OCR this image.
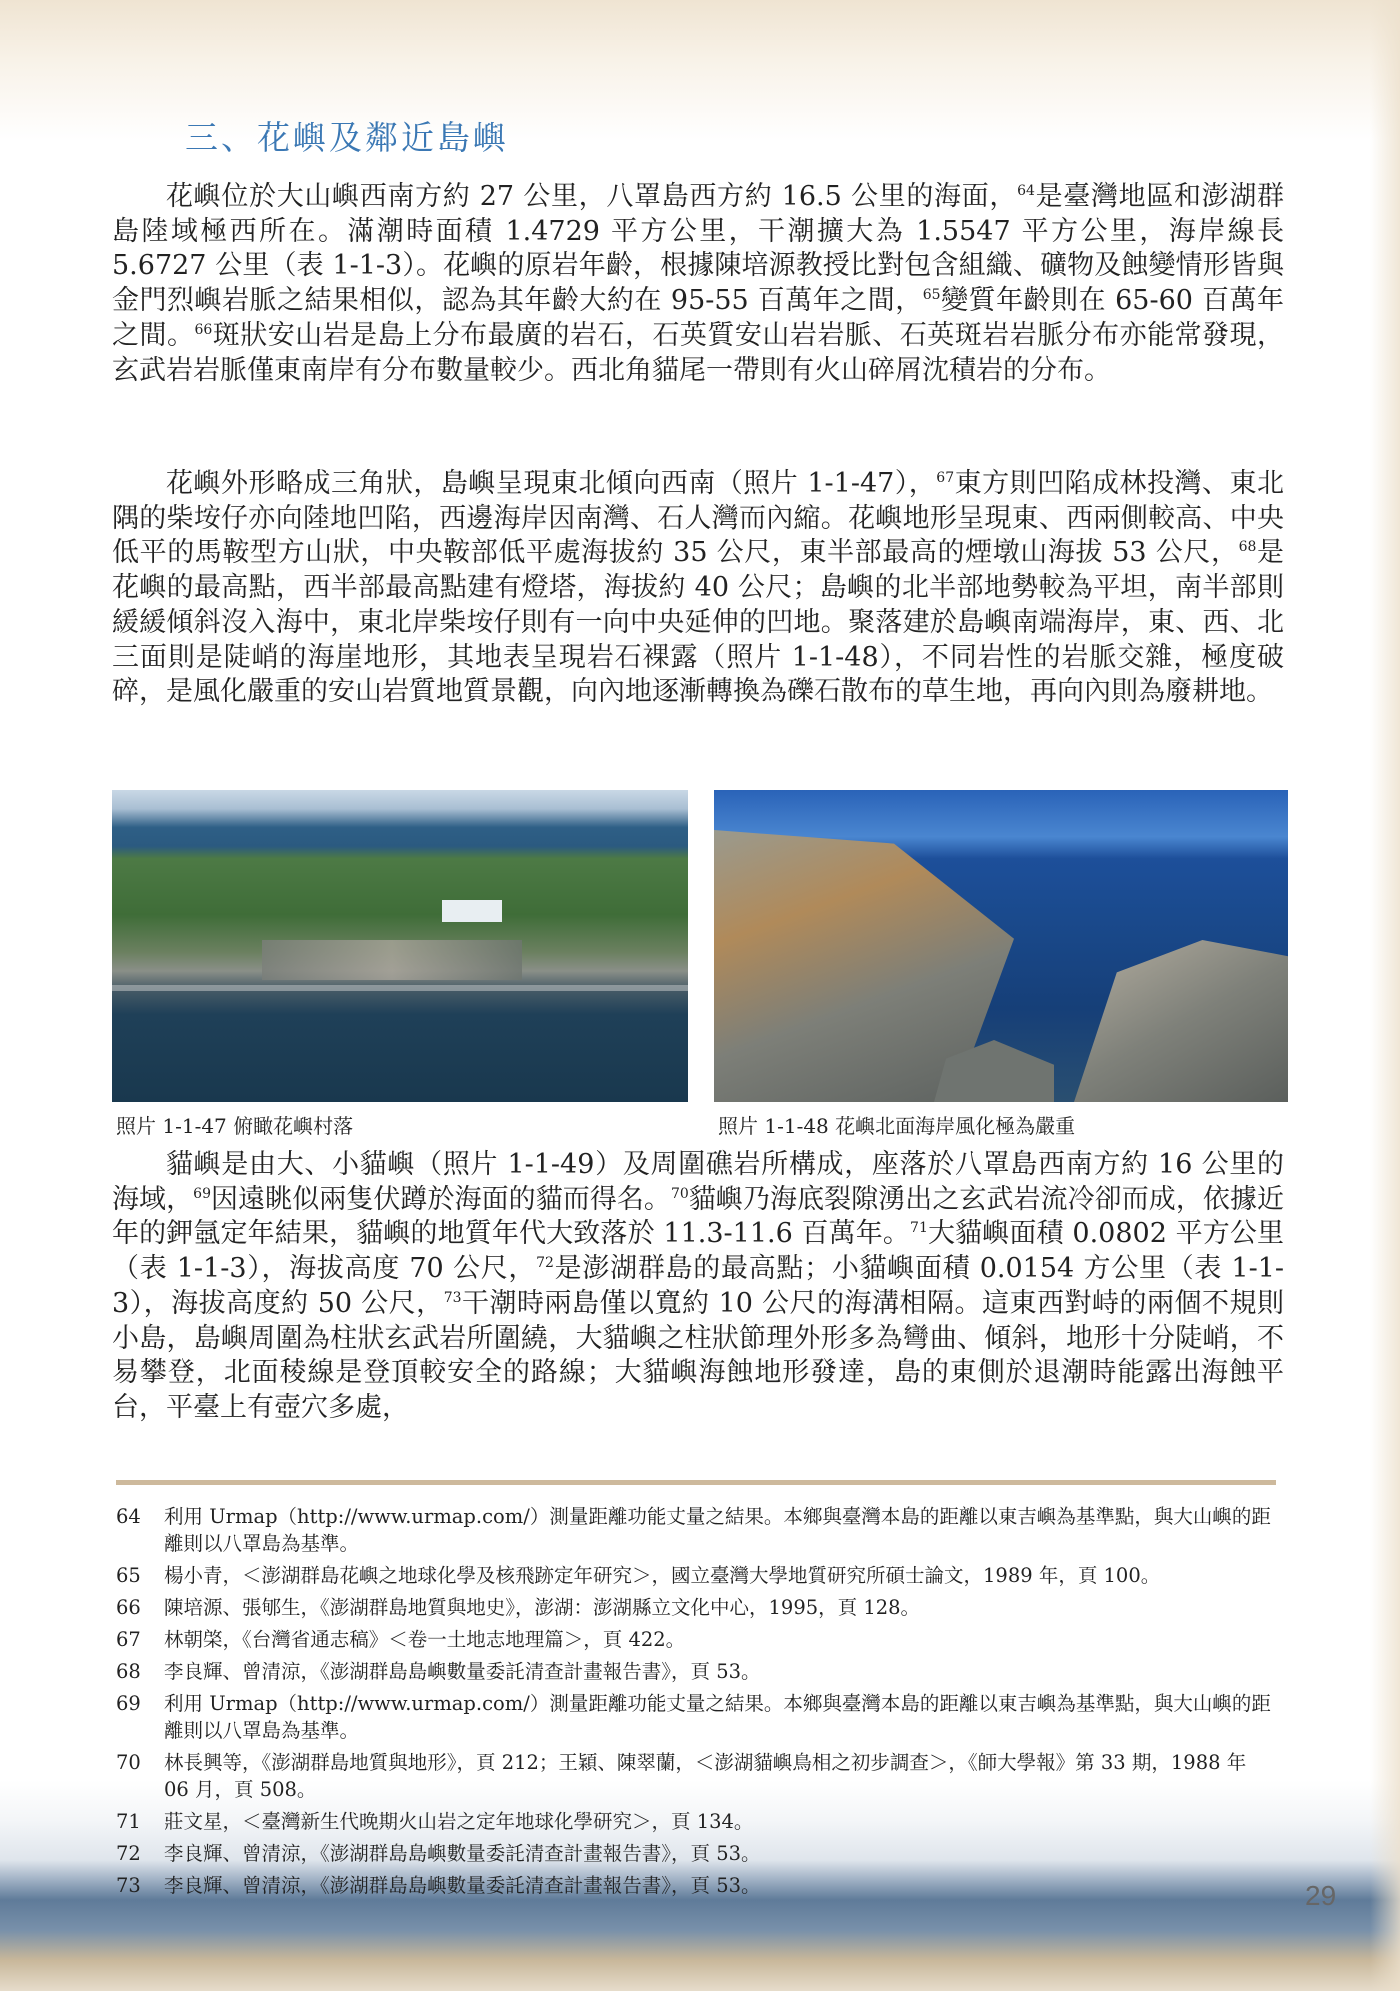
三、花嶼及鄰近島嶼
花嶼位於大山嶼西南方約 27 公里，八罩島西方約 16.5 公里的海面，$^{64}$是臺灣地區和澎湖群島陸域極西所在。滿潮時面積 1.4729 平方公里，干潮擴大為 1.5547 平方公里，海岸線長 5.6727 公里（表 1-1-3）。花嶼的原岩年齡，根據陳培源教授比對包含組織、礦物及蝕變情形皆與金門烈嶼岩脈之結果相似，認為其年齡大約在 95-55 百萬年之間，$^{65}$變質年齡則在 65-60 百萬年之間。$^{66}$斑狀安山岩是島上分布最廣的岩石，石英質安山岩岩脈、石英斑岩岩脈分布亦能常發現，玄武岩岩脈僅東南岸有分布數量較少。西北角貓尾一帶則有火山碎屑沈積岩的分布。
花嶼外形略成三角狀，島嶼呈現東北傾向西南（照片 1-1-47），$^{67}$東方則凹陷成林投灣、東北隅的柴垵仔亦向陸地凹陷，西邊海岸因南灣、石人灣而內縮。花嶼地形呈現東、西兩側較高、中央低平的馬鞍型方山狀，中央鞍部低平處海拔約 35 公尺，東半部最高的煙墩山海拔 53 公尺，$^{68}$是花嶼的最高點，西半部最高點建有燈塔，海拔約 40 公尺；島嶼的北半部地勢較為平坦，南半部則緩緩傾斜沒入海中，東北岸柴垵仔則有一向中央延伸的凹地。聚落建於島嶼南端海岸，東、西、北三面則是陡峭的海崖地形，其地表呈現岩石裸露（照片 1-1-48），不同岩性的岩脈交雜，極度破碎，是風化嚴重的安山岩質地質景觀，向內地逐漸轉換為礫石散布的草生地，再向內則為廢耕地。
照片 1-1-47 俯瞰花嶼村落	照片 1-1-48 花嶼北面海岸風化極為嚴重
貓嶼是由大、小貓嶼（照片 1-1-49）及周圍礁岩所構成，座落於八罩島西南方約 16 公里的海域，$^{69}$因遠眺似兩隻伏蹲於海面的貓而得名。$^{70}$貓嶼乃海底裂隙湧出之玄武岩流冷卻而成，依據近年的鉀氬定年結果，貓嶼的地質年代大致落於 11.3-11.6 百萬年。$^{71}$大貓嶼面積 0.0802 平方公里（表 1-1-3），海拔高度 70 公尺，$^{72}$是澎湖群島的最高點；小貓嶼面積 0.0154 方公里（表 1-1-3），海拔高度約 50 公尺，$^{73}$干潮時兩島僅以寬約 10 公尺的海溝相隔。這東西對峙的兩個不規則小島，島嶼周圍為柱狀玄武岩所圍繞，大貓嶼之柱狀節理外形多為彎曲、傾斜，地形十分陡峭，不易攀登，北面稜線是登頂較安全的路線；大貓嶼海蝕地形發達，島的東側於退潮時能露出海蝕平台，平臺上有壺穴多處，
64	利用 Urmap（http://www.urmap.com/）測量距離功能丈量之結果。本鄉與臺灣本島的距離以東吉嶼為基準點，與大山嶼的距離則以八罩島為基準。
65	楊小青，＜澎湖群島花嶼之地球化學及核飛跡定年研究＞，國立臺灣大學地質研究所碩士論文，1989 年，頁 100。
66	陳培源、張郇生，《澎湖群島地質與地史》，澎湖：澎湖縣立文化中心，1995，頁 128。
67	林朝棨，《台灣省通志稿》＜卷一土地志地理篇＞，頁 422。
68	李良輝、曾清涼，《澎湖群島島嶼數量委託清查計畫報告書》，頁 53。
69	利用 Urmap（http://www.urmap.com/）測量距離功能丈量之結果。本鄉與臺灣本島的距離以東吉嶼為基準點，與大山嶼的距離則以八罩島為基準。
70	林長興等，《澎湖群島地質與地形》，頁 212；王穎、陳翠蘭，＜澎湖貓嶼鳥相之初步調查＞，《師大學報》第 33 期，1988 年 06 月，頁 508。
71	莊文星，＜臺灣新生代晚期火山岩之定年地球化學研究＞，頁 134。
72	李良輝、曾清涼，《澎湖群島島嶼數量委託清查計畫報告書》，頁 53。
73	李良輝、曾清涼，《澎湖群島島嶼數量委託清查計畫報告書》，頁 53。	29
